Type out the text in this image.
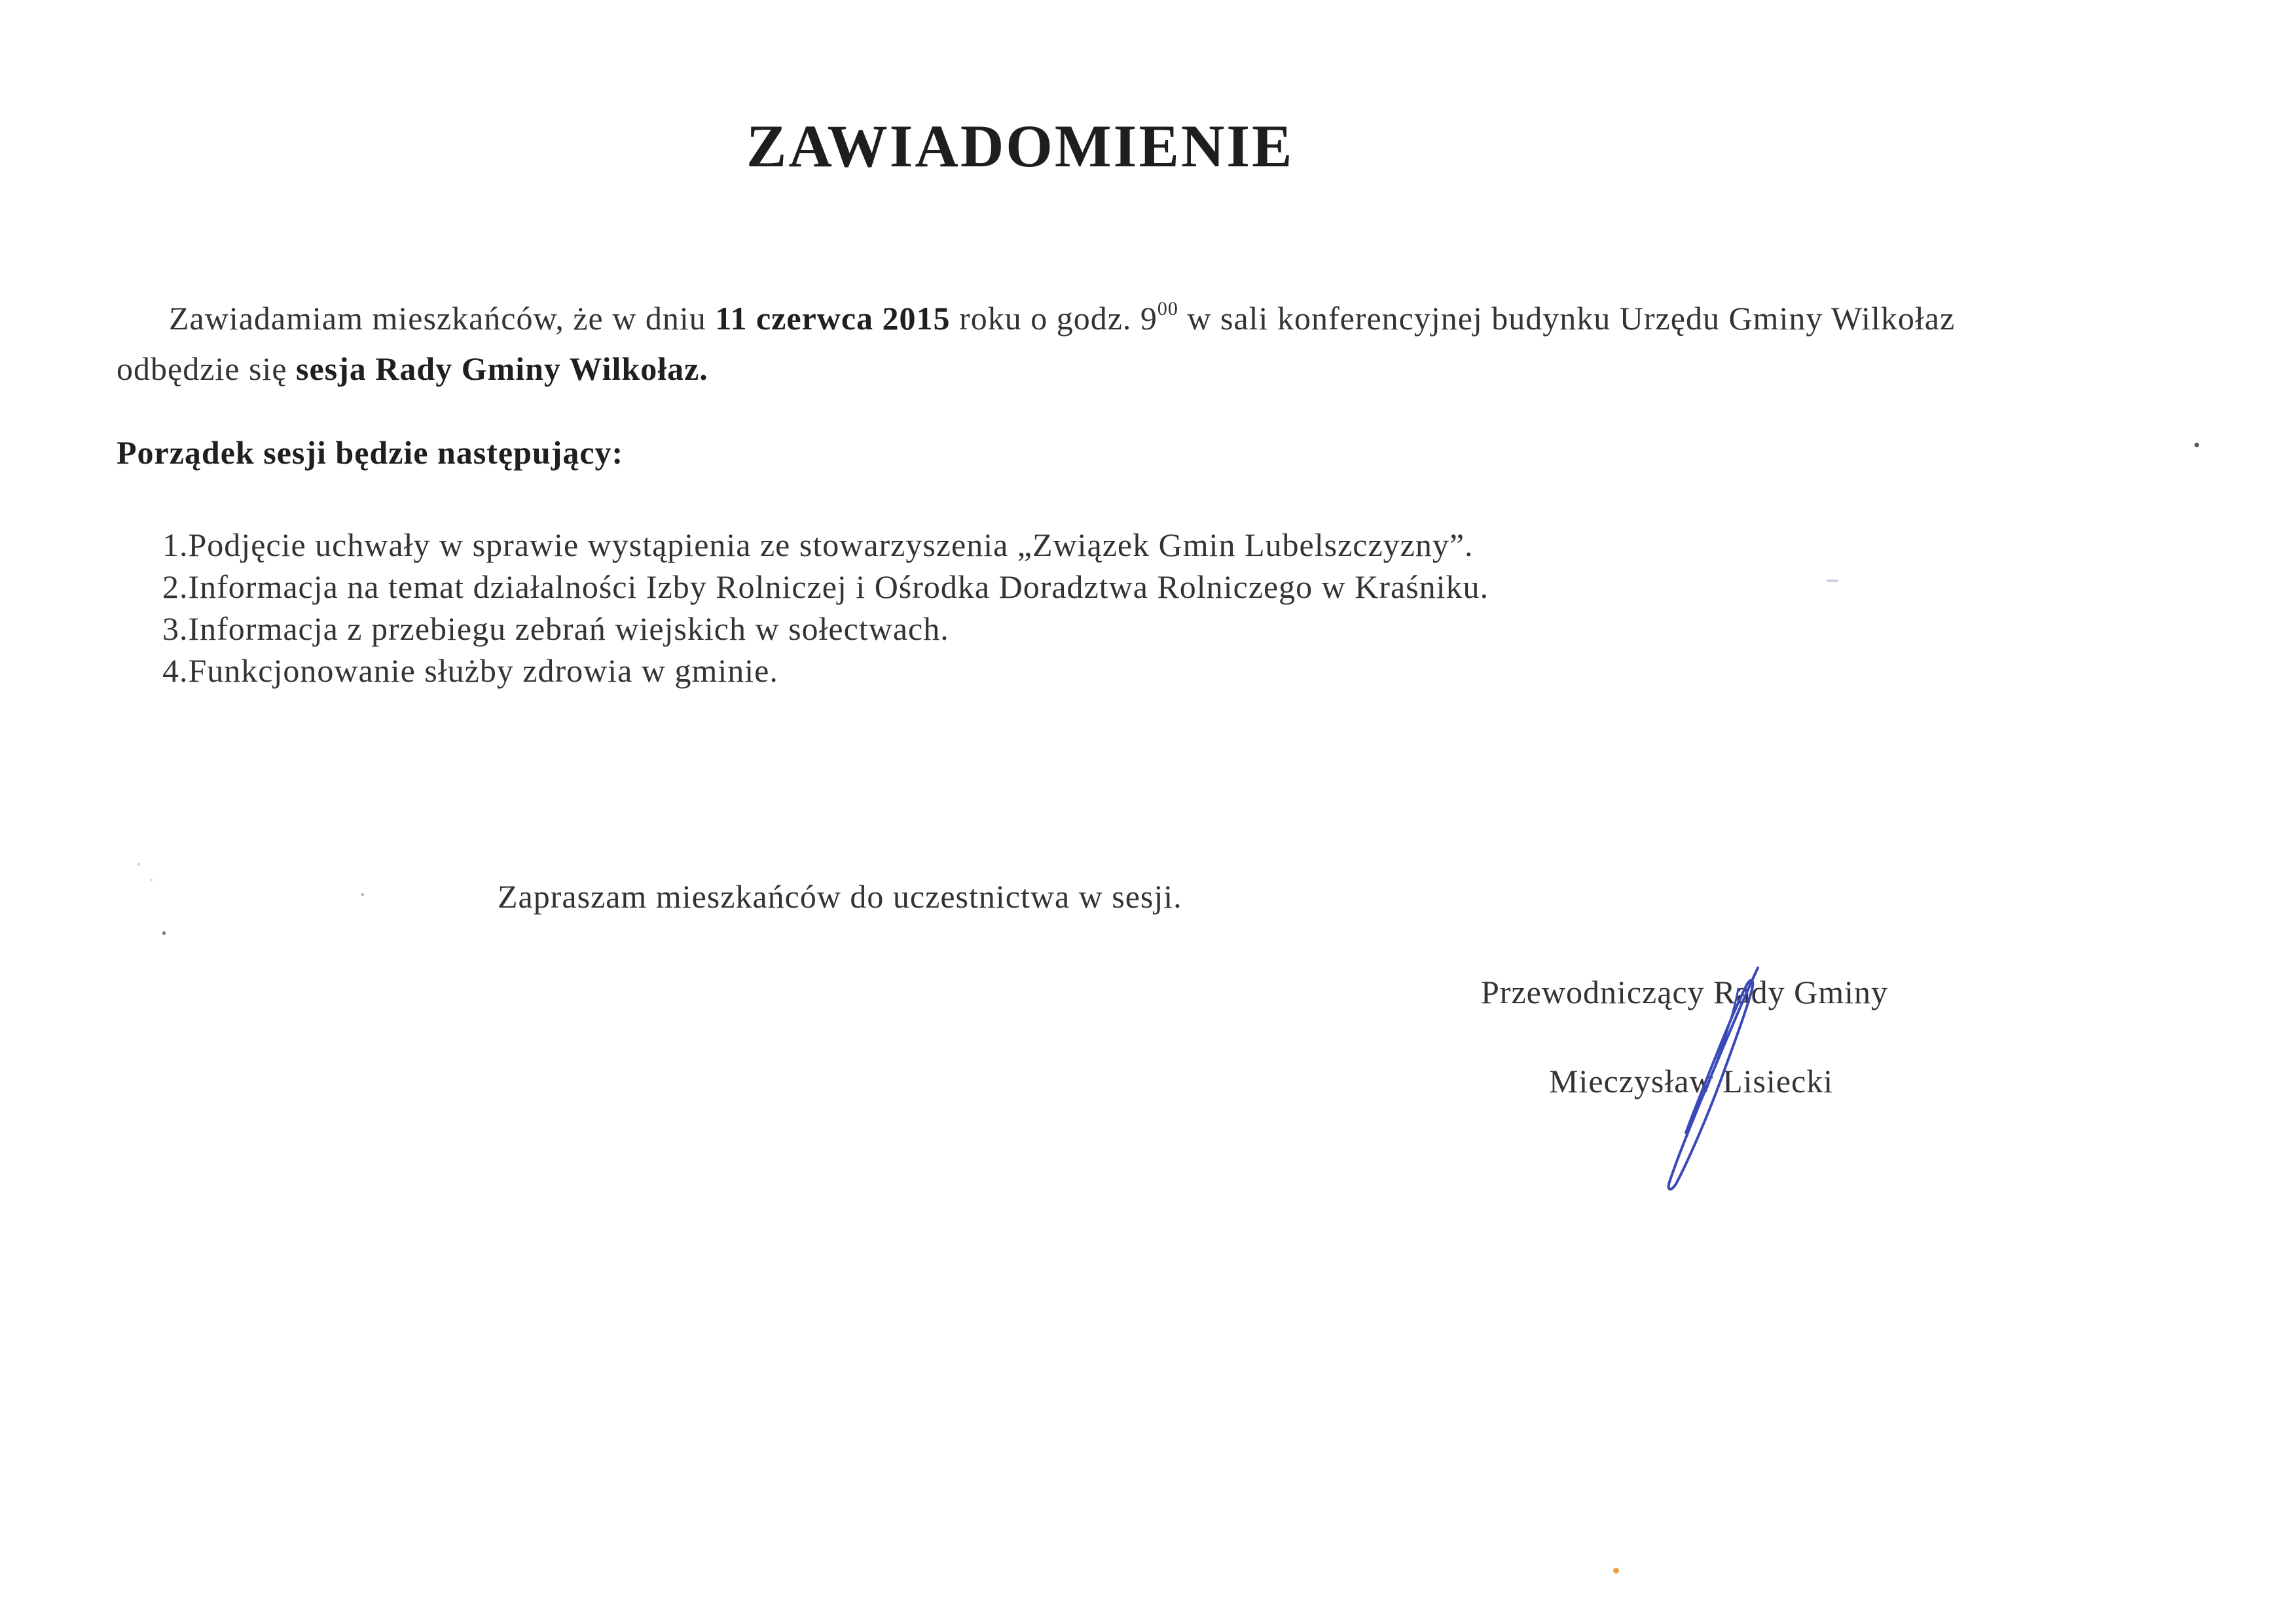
ZAWIADOMIENIE
Zawiadamiam mieszkańców, że w dniu 11 czerwca 2015 roku o godz. $9^{00}$ w sali konferencyjnej budynku Urzędu Gminy Wilkołaz
odbędzie się sesja Rady Gminy Wilkołaz.
Porządek sesji będzie następujący:
1.Podjęcie uchwały w sprawie wystąpienia ze stowarzyszenia „Związek Gmin Lubelszczyzny”.
2.Informacja na temat działalności Izby Rolniczej i Ośrodka Doradztwa Rolniczego w Kraśniku.
3.Informacja z przebiegu zebrań wiejskich w sołectwach.
4.Funkcjonowanie służby zdrowia w gminie.
Zapraszam mieszkańców do uczestnictwa w sesji.
Przewodniczący Rady Gminy
Mieczysław Lisiecki
